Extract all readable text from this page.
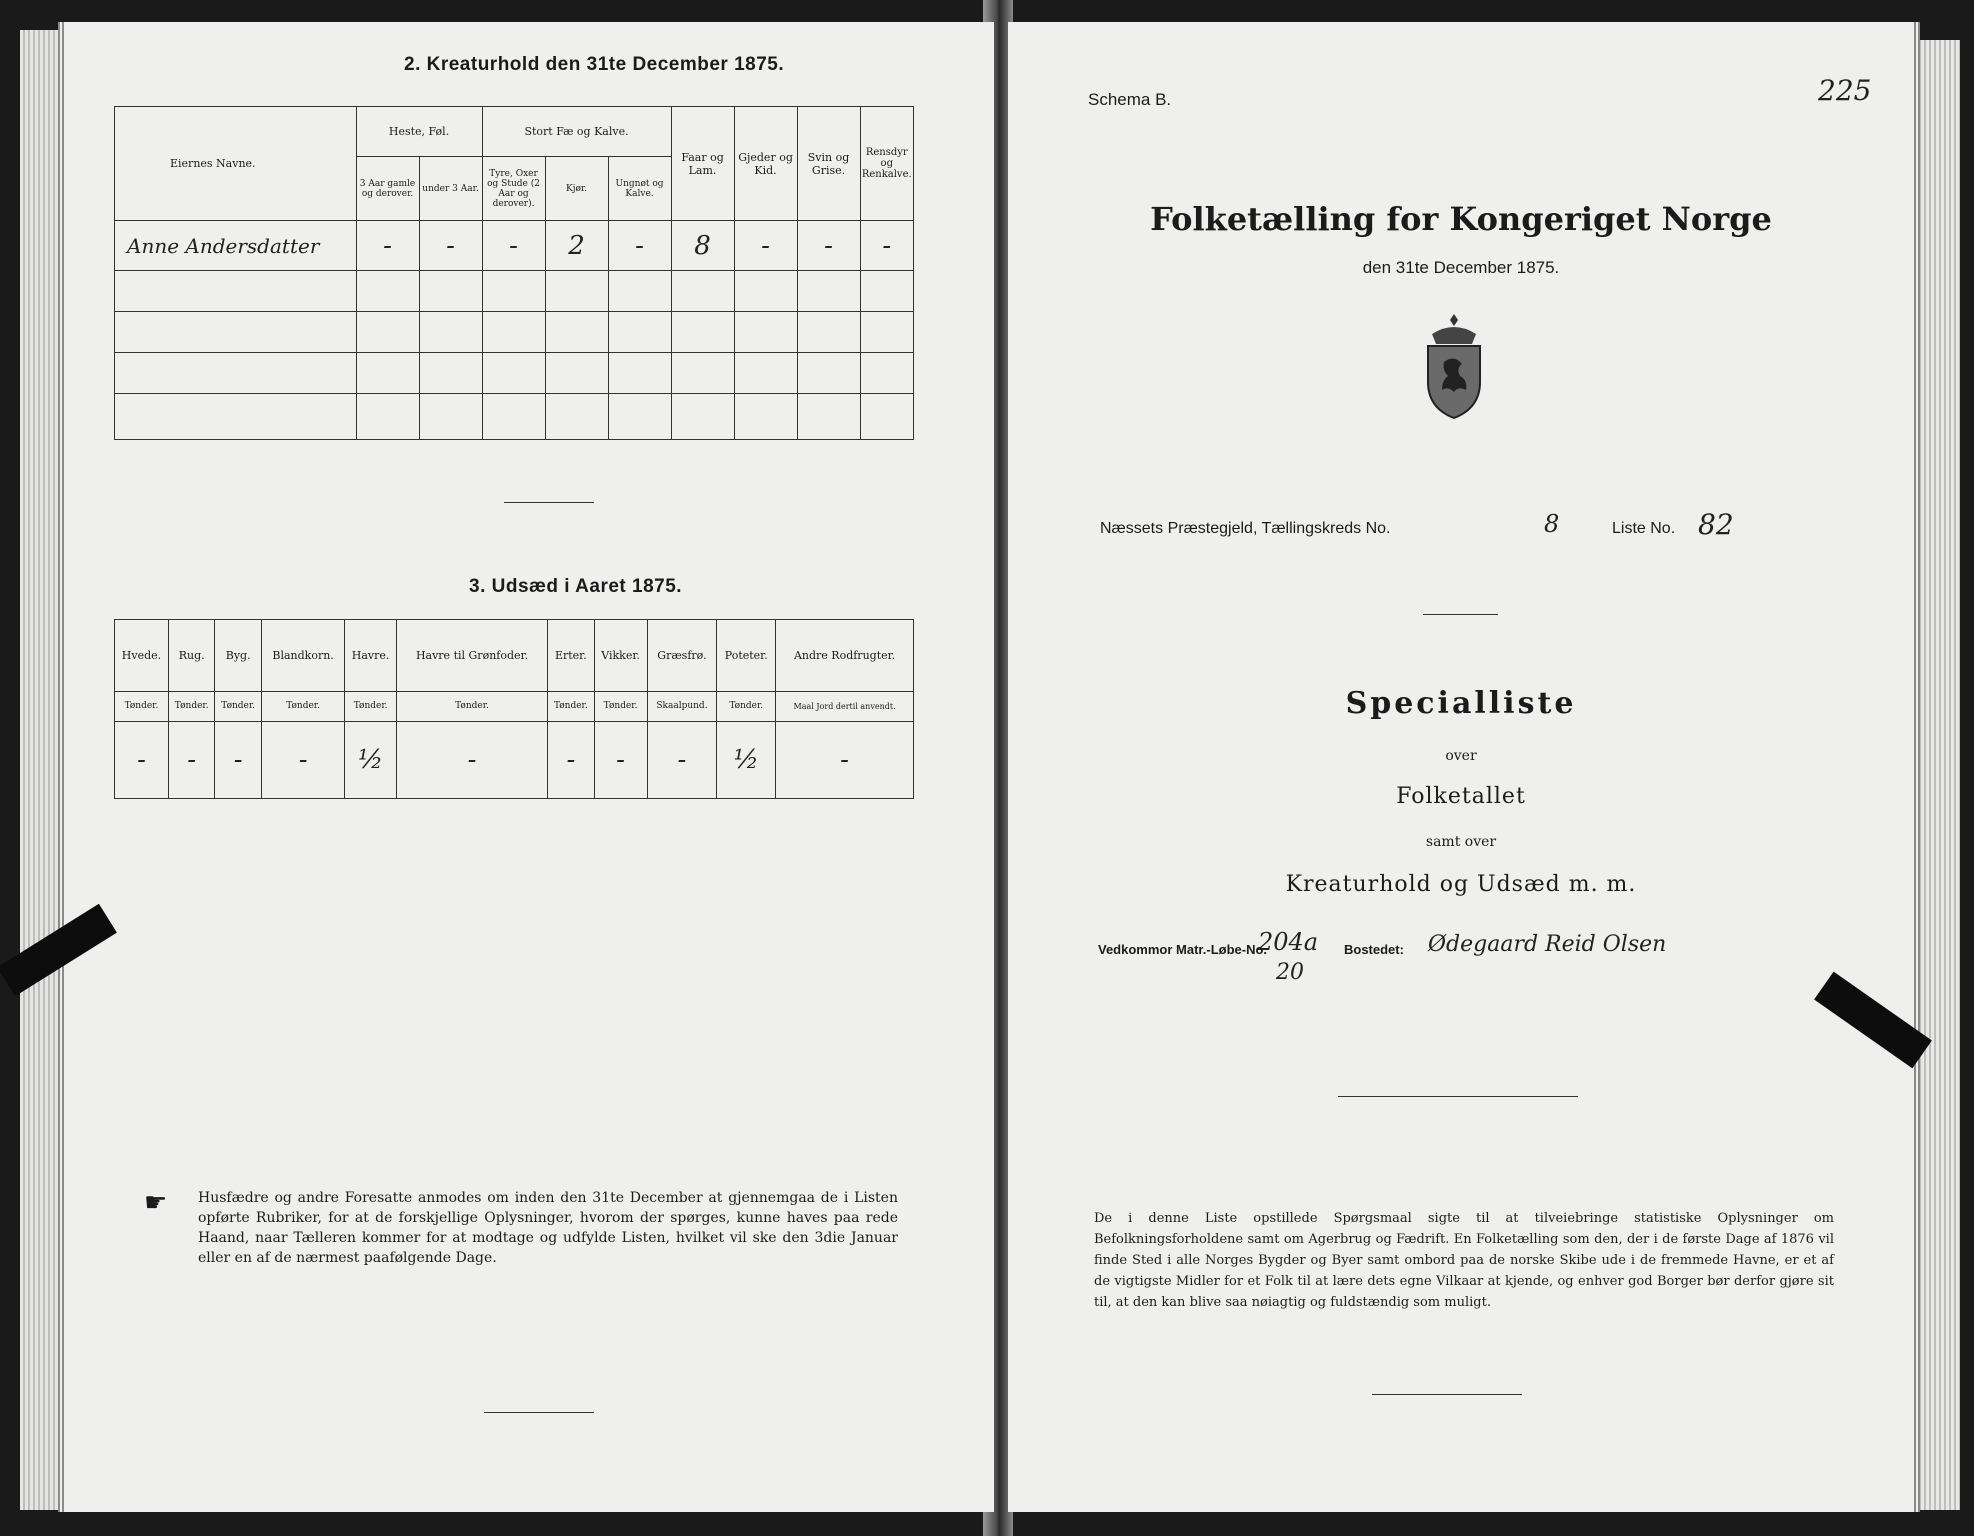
2. Kreaturhold den 31te December 1875.
Eiernes Navne.	Heste, Føl.		Stort Fæ og Kalve.			Faar og Lam.	Gjeder og Kid.	Svin og Grise.	Rensdyr og Renkalve.
	3 Aar gamle og derover.	under 3 Aar.	Tyre, Oxer og Stude (2 Aar og derover).	Kjør.	Ungnøt og Kalve.				
Anne Andersdatter	-	-	-	2	-	8	-	-	-

3. Udsæd i Aaret 1875.
Hvede.	Rug.	Byg.	Blandkorn.	Havre.	Havre til Grønfoder.	Erter.	Vikker.	Græsfrø.	Poteter.	Andre Rodfrugter.
Tønder.	Tønder.	Tønder.	Tønder.	Tønder.	Tønder.	Tønder.	Tønder.	Skaalpund.	Tønder.	Maal Jord dertil anvendt.
-	-	-	-	½	-	-	-	-	½	-
☛ Husfædre og andre Foresatte anmodes om inden den 31te December at gjennemgaa de i Listen opførte Rubriker, for at de forskjellige Oplysninger, hvorom der spørges, kunne haves paa rede Haand, naar Tælleren kommer for at modtage og udfylde Listen, hvilket vil ske den 3die Januar eller en af de nærmest paafølgende Dage.
Schema B.	225
Folketælling for Kongeriget Norge
den 31te December 1875.
Næssets Præstegjeld, Tællingskreds No.	8	Liste No. 82
Specialliste
over
Folketallet
samt over
Kreaturhold og Udsæd m. m.
Vedkommor Matr.-Løbe-No.
204a
20
Bostedet: Ødegaard Reid Olsen
De i denne Liste opstillede Spørgsmaal sigte til at tilveiebringe statistiske Oplysninger om Befolkningsforholdene samt om Agerbrug og Fædrift. En Folketælling som den, der i de første Dage af 1876 vil finde Sted i alle Norges Bygder og Byer samt ombord paa de norske Skibe ude i de fremmede Havne, er et af de vigtigste Midler for et Folk til at lære dets egne Vilkaar at kjende, og enhver god Borger bør derfor gjøre sit til, at den kan blive saa nøiagtig og fuldstændig som muligt.
